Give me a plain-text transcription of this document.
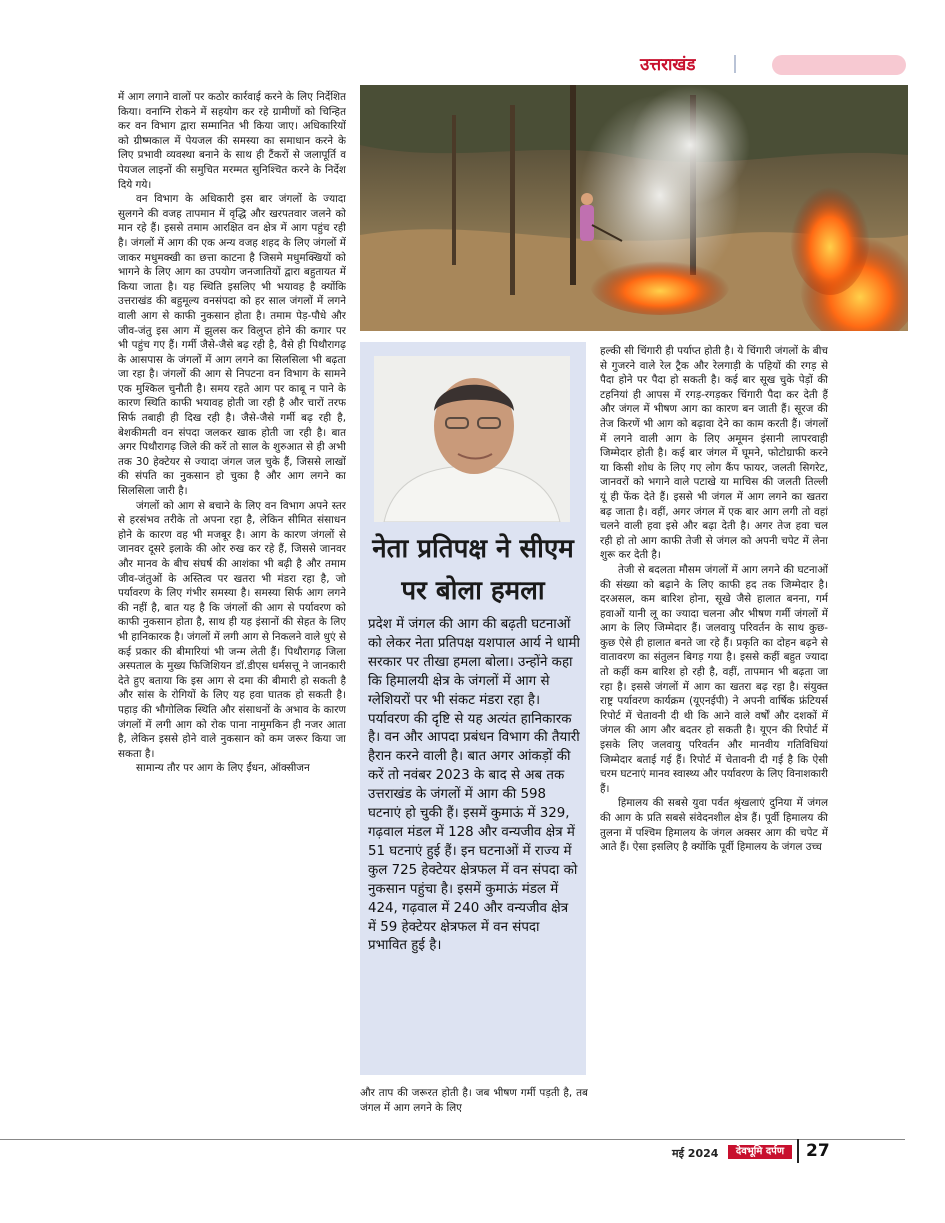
उत्तराखंड

में आग लगाने वालों पर कठोर कार्रवाई करने के लिए निर्देशित किया। वनाग्नि रोकने में सहयोग कर रहे ग्रामीणों को चिन्हित कर वन विभाग द्वारा सम्मानित भी किया जाए। अधिकारियों को ग्रीष्मकाल में पेयजल की समस्या का समाधान करने के लिए प्रभावी व्यवस्था बनाने के साथ ही टैंकरों से जलापूर्ति व पेयजल लाइनों की समुचित मरम्मत सुनिश्चित करने के निर्देश दिये गये।

वन विभाग के अधिकारी इस बार जंगलों के ज्यादा सुलगने की वजह तापमान में वृद्धि और खरपतवार जलने को मान रहे हैं। इससे तमाम आरक्षित वन क्षेत्र में आग पहुंच रही है। जंगलों में आग की एक अन्य वजह शहद के लिए जंगलों में जाकर मधुमक्खी का छत्ता काटना है जिसमे मधुमक्खियों को भागने के लिए आग का उपयोग जनजातियों द्वारा बहुतायत में किया जाता है। यह स्थिति इसलिए भी भयावह है क्योंकि उत्तराखंड की बहुमूल्य वनसंपदा को हर साल जंगलों में लगने वाली आग से काफी नुकसान होता है। तमाम पेड़-पौधे और जीव-जंतु इस आग में झुलस कर विलुप्त होने की कगार पर भी पहुंच गए हैं। गर्मी जैसे-जैसे बढ़ रही है, वैसे ही पिथौरागढ़ के आसपास के जंगलों में आग लगने का सिलसिला भी बढ़ता जा रहा है। जंगलों की आग से निपटना वन विभाग के सामने एक मुश्किल चुनौती है। समय रहते आग पर काबू न पाने के कारण स्थिति काफी भयावह होती जा रही है और चारों तरफ सिर्फ तबाही ही दिख रही है। जैसे-जैसे गर्मी बढ़ रही है, बेशकीमती वन संपदा जलकर खाक होती जा रही है। बात अगर पिथौरागढ़ जिले की करें तो साल के शुरुआत से ही अभी तक 30 हेक्टेयर से ज्यादा जंगल जल चुके हैं, जिससे लाखों की संपति का नुकसान हो चुका है और आग लगने का सिलसिला जारी है।

जंगलों को आग से बचाने के लिए वन विभाग अपने स्तर से हरसंभव तरीके तो अपना रहा है, लेकिन सीमित संसाधन होने के कारण वह भी मजबूर है। आग के कारण जंगलों से जानवर दूसरे इलाके की ओर रुख कर रहे हैं, जिससे जानवर और मानव के बीच संघर्ष की आशंका भी बढ़ी है और तमाम जीव-जंतुओं के अस्तित्व पर खतरा भी मंडरा रहा है, जो पर्यावरण के लिए गंभीर समस्या है। समस्या सिर्फ आग लगने की नहीं है, बात यह है कि जंगलों की आग से पर्यावरण को काफी नुकसान होता है, साथ ही यह इंसानों की सेहत के लिए भी हानिकारक है। जंगलों में लगी आग से निकलने वाले धुएं से कई प्रकार की बीमारियां भी जन्म लेती हैं। पिथौरागढ़ जिला अस्पताल के मुख्य फिजिशियन डॉ.डीएस धर्मसत्तू ने जानकारी देते हुए बताया कि इस आग से दमा की बीमारी हो सकती है और सांस के रोगियों के लिए यह हवा घातक हो सकती है। पहाड़ की भौगोलिक स्थिति और संसाधनों के अभाव के कारण जंगलों में लगी आग को रोक पाना नामुमकिन ही नजर आता है, लेकिन इससे होने वाले नुकसान को कम जरूर किया जा सकता है।

सामान्य तौर पर आग के लिए ईंधन, ऑक्सीजन

नेता प्रतिपक्ष ने सीएम पर बोला हमला

प्रदेश में जंगल की आग की बढ़ती घटनाओं को लेकर नेता प्रतिपक्ष यशपाल आर्य ने धामी सरकार पर तीखा हमला बोला। उन्होंने कहा कि हिमालयी क्षेत्र के जंगलों में आग से ग्लेशियरों पर भी संकट मंडरा रहा है। पर्यावरण की दृष्टि से यह अत्यंत हानिकारक है। वन और आपदा प्रबंधन विभाग की तैयारी हैरान करने वाली है। बात अगर आंकड़ों की करें तो नवंबर 2023 के बाद से अब तक उत्तराखंड के जंगलों में आग की 598 घटनाएं हो चुकी हैं। इसमें कुमाऊं में 329, गढ़वाल मंडल में 128 और वन्यजीव क्षेत्र में 51 घटनाएं हुई हैं। इन घटनाओं में राज्य में कुल 725 हेक्टेयर क्षेत्रफल में वन संपदा को नुकसान पहुंचा है। इसमें कुमाऊं मंडल में 424, गढ़वाल में 240 और वन्यजीव क्षेत्र में 59 हेक्टेयर क्षेत्रफल में वन संपदा प्रभावित हुई है।

और ताप की जरूरत होती है। जब भीषण गर्मी पड़ती है, तब जंगल में आग लगने के लिए

हल्की सी चिंगारी ही पर्याप्त होती है। ये चिंगारी जंगलों के बीच से गुजरने वाले रेल ट्रैक और रेलगाड़ी के पहियों की रगड़ से पैदा होने पर पैदा हो सकती है। कई बार सूख चुके पेड़ों की टहनियां ही आपस में रगड़-रगड़कर चिंगारी पैदा कर देती हैं और जंगल में भीषण आग का कारण बन जाती हैं। सूरज की तेज किरणें भी आग को बढ़ावा देने का काम करती हैं। जंगलों में लगने वाली आग के लिए अमूमन इंसानी लापरवाही जिम्मेदार होती है। कई बार जंगल में घूमने, फोटोग्राफी करने या किसी शोध के लिए गए लोग कैंप फायर, जलती सिगरेट, जानवरों को भगाने वाले पटाखे या माचिस की जलती तिल्ली यूं ही फेंक देते हैं। इससे भी जंगल में आग लगने का खतरा बढ़ जाता है। वहीं, अगर जंगल में एक बार आग लगी तो वहां चलने वाली हवा इसे और बढ़ा देती है। अगर तेज हवा चल रही हो तो आग काफी तेजी से जंगल को अपनी चपेट में लेना शुरू कर देती है।

तेजी से बदलता मौसम जंगलों में आग लगने की घटनाओं की संख्या को बढ़ाने के लिए काफी हद तक जिम्मेदार है। दरअसल, कम बारिश होना, सूखे जैसे हालात बनना, गर्म हवाओं यानी लू का ज्यादा चलना और भीषण गर्मी जंगलों में आग के लिए जिम्मेदार हैं। जलवायु परिवर्तन के साथ कुछ-कुछ ऐसे ही हालात बनते जा रहे हैं। प्रकृति का दोहन बढ़ने से वातावरण का संतुलन बिगड़ गया है। इससे कहीं बहुत ज्यादा तो कहीं कम बारिश हो रही है, वहीं, तापमान भी बढ़ता जा रहा है। इससे जंगलों में आग का खतरा बढ़ रहा है। संयुक्त राष्ट्र पर्यावरण कार्यक्रम (यूएनईपी) ने अपनी वार्षिक फ्रंटियर्स रिपोर्ट में चेतावनी दी थी कि आने वाले वर्षों और दशकों में जंगल की आग और बदतर हो सकती है। यूएन की रिपोर्ट में इसके लिए जलवायु परिवर्तन और मानवीय गतिविधियां जिम्मेदार बताई गई हैं। रिपोर्ट में चेतावनी दी गई है कि ऐसी चरम घटनाएं मानव स्वास्थ्य और पर्यावरण के लिए विनाशकारी हैं।

हिमालय की सबसे युवा पर्वत श्रृंखलाएं दुनिया में जंगल की आग के प्रति सबसे संवेदनशील क्षेत्र हैं। पूर्वी हिमालय की तुलना में पश्चिम हिमालय के जंगल अक्सर आग की चपेट में आते हैं। ऐसा इसलिए है क्योंकि पूर्वी हिमालय के जंगल उच्च

मई 2024	देवभूमि दर्पण	27
